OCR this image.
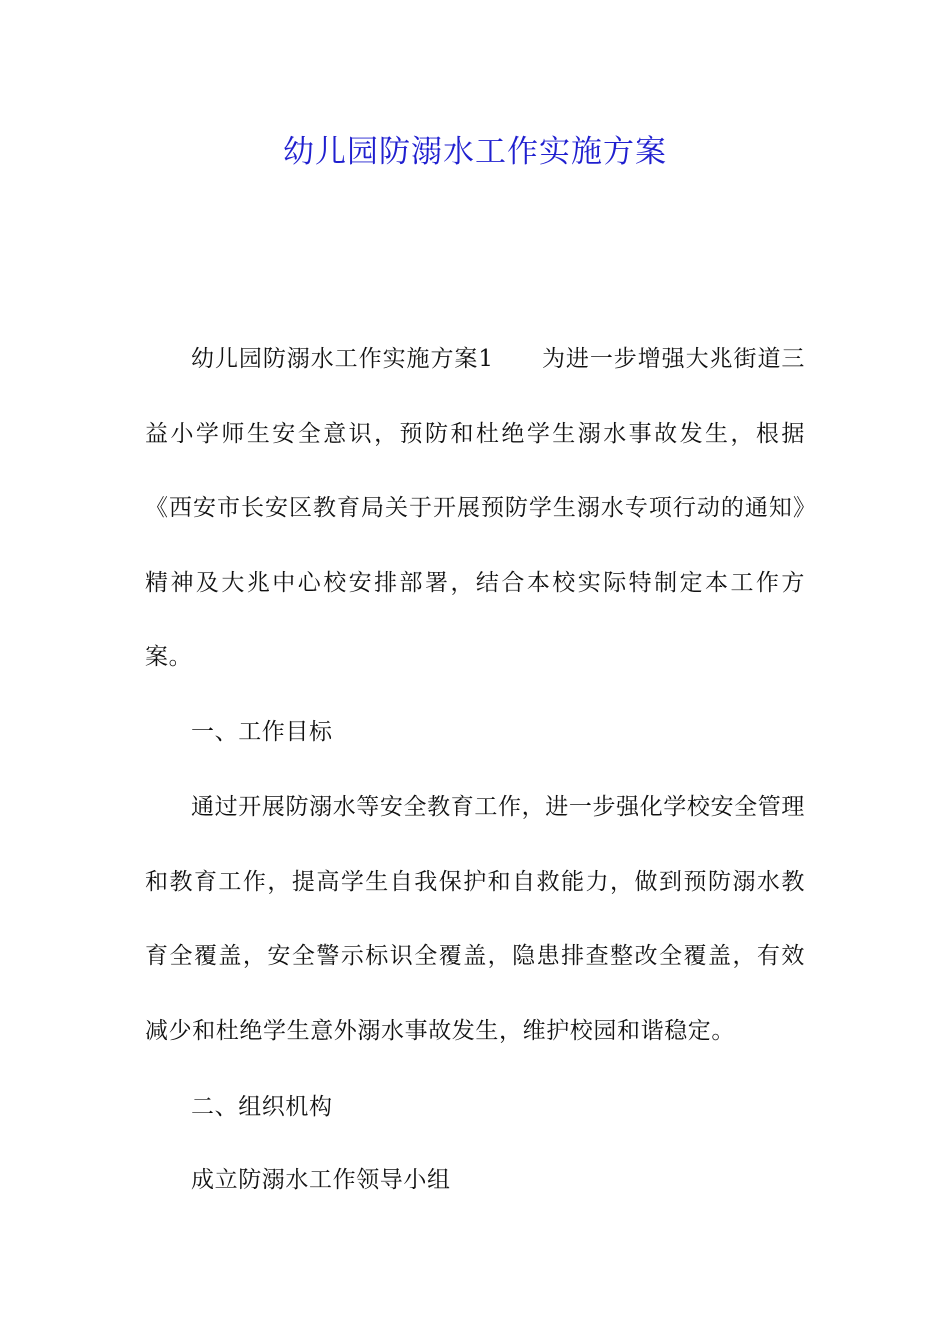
幼儿园防溺水工作实施方案

幼儿园防溺水工作实施方案1 为进一步增强大兆街道三益小学师生安全意识，预防和杜绝学生溺水事故发生，根据《西安市长安区教育局关于开展预防学生溺水专项行动的通知》精神及大兆中心校安排部署，结合本校实际特制定本工作方案。

一、工作目标

通过开展防溺水等安全教育工作，进一步强化学校安全管理和教育工作，提高学生自我保护和自救能力，做到预防溺水教育全覆盖，安全警示标识全覆盖，隐患排查整改全覆盖，有效减少和杜绝学生意外溺水事故发生，维护校园和谐稳定。

二、组织机构

成立防溺水工作领导小组
